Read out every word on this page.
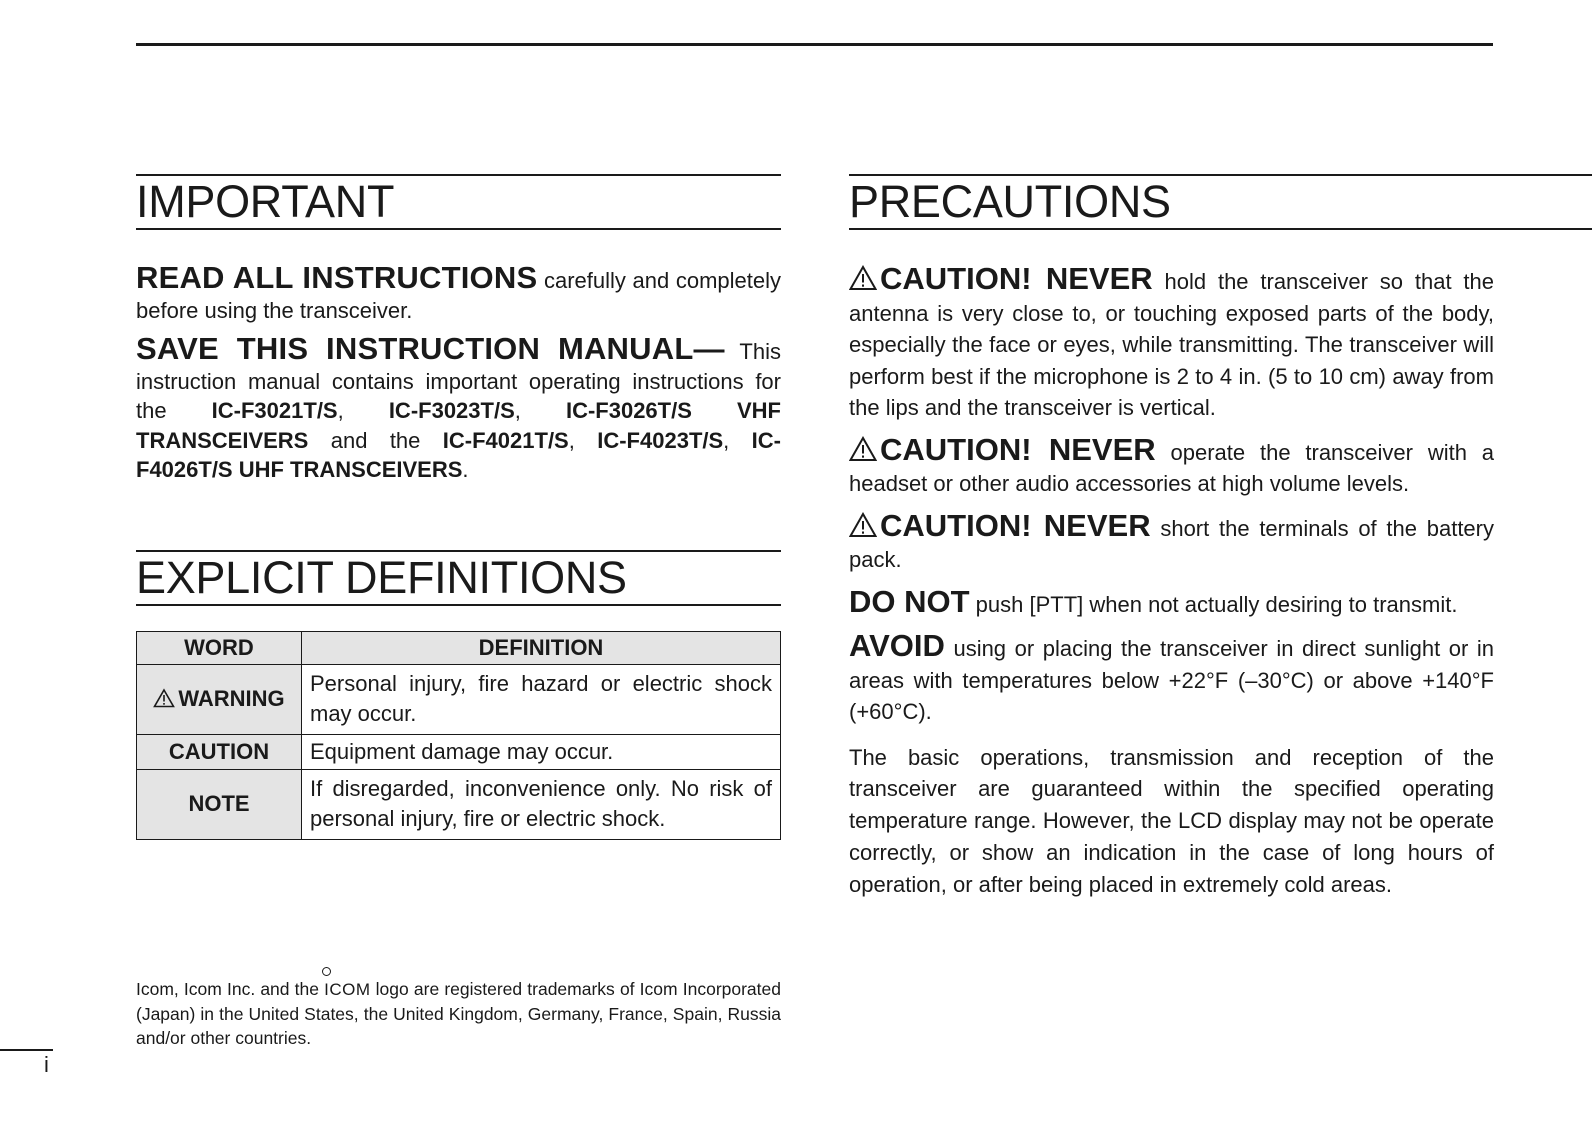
IMPORTANT
READ ALL INSTRUCTIONS carefully and completely before using the transceiver.
SAVE THIS INSTRUCTION MANUAL— This instruction manual contains important operating instructions for the IC-F3021T/S, IC-F3023T/S, IC-F3026T/S VHF TRANSCEIVERS and the IC-F4021T/S, IC-F4023T/S, IC-F4026T/S UHF TRANSCEIVERS.
EXPLICIT DEFINITIONS
WORD	DEFINITION
WARNING	Personal injury, fire hazard or electric shock may occur.
CAUTION	Equipment damage may occur.
NOTE	If disregarded, inconvenience only. No risk of personal injury, fire or electric shock.
Icom, Icom Inc. and the
ICOM logo are registered trademarks of Icom Incorporated (Japan) in the United States, the United Kingdom, Germany, France, Spain, Russia and/or other countries.
i
PRECAUTIONS
CAUTION! NEVER hold the transceiver so that the antenna is very close to, or touching exposed parts of the body, especially the face or eyes, while transmitting. The transceiver will perform best if the microphone is 2 to 4 in. (5 to 10 cm) away from the lips and the transceiver is vertical.
CAUTION! NEVER operate the transceiver with a headset or other audio accessories at high volume levels.
CAUTION! NEVER short the terminals of the battery pack.
DO NOT push [PTT] when not actually desiring to transmit.
AVOID using or placing the transceiver in direct sunlight or in areas with temperatures below +22°F (–30°C) or above +140°F (+60°C).
The basic operations, transmission and reception of the transceiver are guaranteed within the specified operating temperature range. However, the LCD display may not be operate correctly, or show an indication in the case of long hours of operation, or after being placed in extremely cold areas.
